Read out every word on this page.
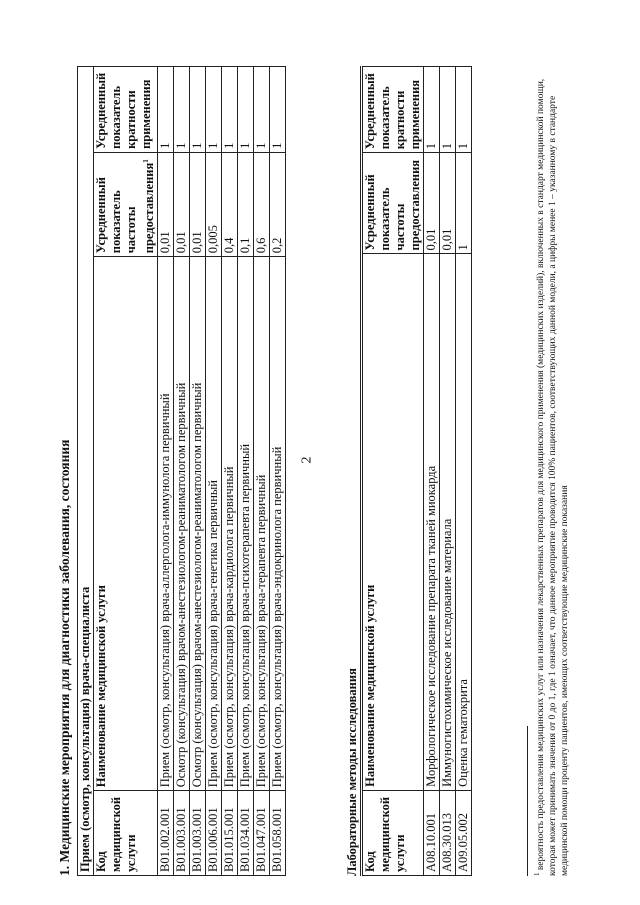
2
1. Медицинские мероприятия для диагностики заболевания, состояния Прием (осмотр, консультация) врача-специалиста			
Код медицинской услуги	Наименование медицинской услуги	Усредненный показатель частоты предоставления$^1$	Усредненный показатель кратности применения
B01.002.001	Прием (осмотр, консультация) врача-аллерголога-иммунолога первичный	0,01	1
B01.003.001	Осмотр (консультация) врачом-анестезиологом-реаниматологом первичный	0,01	1
B01.003.001	Осмотр (консультация) врачом-анестезиологом-реаниматологом первичный	0,01	1
B01.006.001	Прием (осмотр, консультация) врача-генетика первичный	0,005	1
B01.015.001	Прием (осмотр, консультация) врача-кардиолога первичный	0,4	1
B01.034.001	Прием (осмотр, консультация) врача-психотерапевта первичный	0,1	1
B01.047.001	Прием (осмотр, консультация) врача-терапевта первичный	0,6	1
B01.058.001	Прием (осмотр, консультация) врача-эндокринолога первичный	0,2	1
Лабораторные методы исследования Код медицинской услуги	Наименование медицинской услуги	Усредненный показатель частоты предоставления	Усредненный показатель кратности применения
A08.10.001	Морфологическое исследование препарата тканей миокарда	0,01	1
A08.30.013	Иммуногистохимическое исследование материала	0,01	1
A09.05.002	Оценка гематокрита	1	1
$^1$ вероятность предоставления медицинских услуг или назначения лекарственных препаратов для медицинского применения (медицинских изделий), включенных в стандарт медицинской помощи, которая может принимать значения от 0 до 1, где 1 означает, что данное мероприятие проводится 100% пациентов, соответствующих данной модели, а цифры менее 1 – указанному в стандарте медицинской помощи проценту пациентов, имеющих соответствующие медицинские показания
